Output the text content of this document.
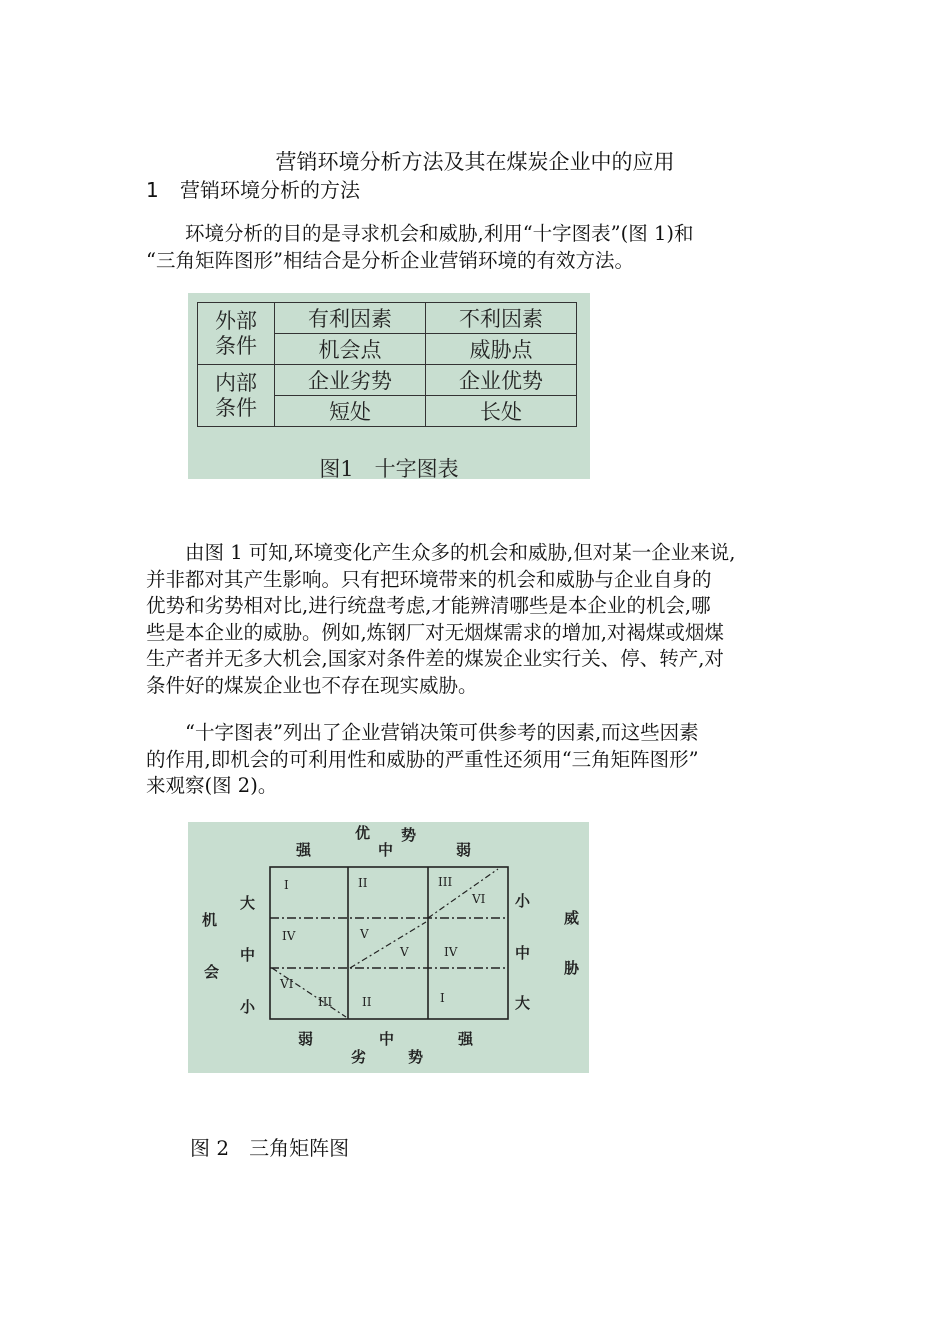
营销环境分析方法及其在煤炭企业中的应用
1 营销环境分析的方法
　　环境分析的目的是寻求机会和威胁,利用“十字图表”(图 1)和
“三角矩阵图形”相结合是分析企业营销环境的有效方法。
外部
条件	有利因素	不利因素
	机会点	威胁点
内部
条件	企业劣势	企业优势
	短处	长处
图1　十字图表
　　由图 1 可知,环境变化产生众多的机会和威胁,但对某一企业来说,
并非都对其产生影响。只有把环境带来的机会和威胁与企业自身的
优势和劣势相对比,进行统盘考虑,才能辨清哪些是本企业的机会,哪
些是本企业的威胁。例如,炼钢厂对无烟煤需求的增加,对褐煤或烟煤
生产者并无多大机会,国家对条件差的煤炭企业实行关、停、转产,对
条件好的煤炭企业也不存在现实威胁。
　　“十字图表”列出了企业营销决策可供参考的因素,而这些因素
的作用,即机会的可利用性和威胁的严重性还须用“三角矩阵图形”
来观察(图 2)。
优 势
强	中	弱
机
会
大
中
小
小
中
大
威
胁
弱	中	强
劣	势
I	II	III
VI
IV	V
V	IV
VI
III II	I
图 2　三角矩阵图
